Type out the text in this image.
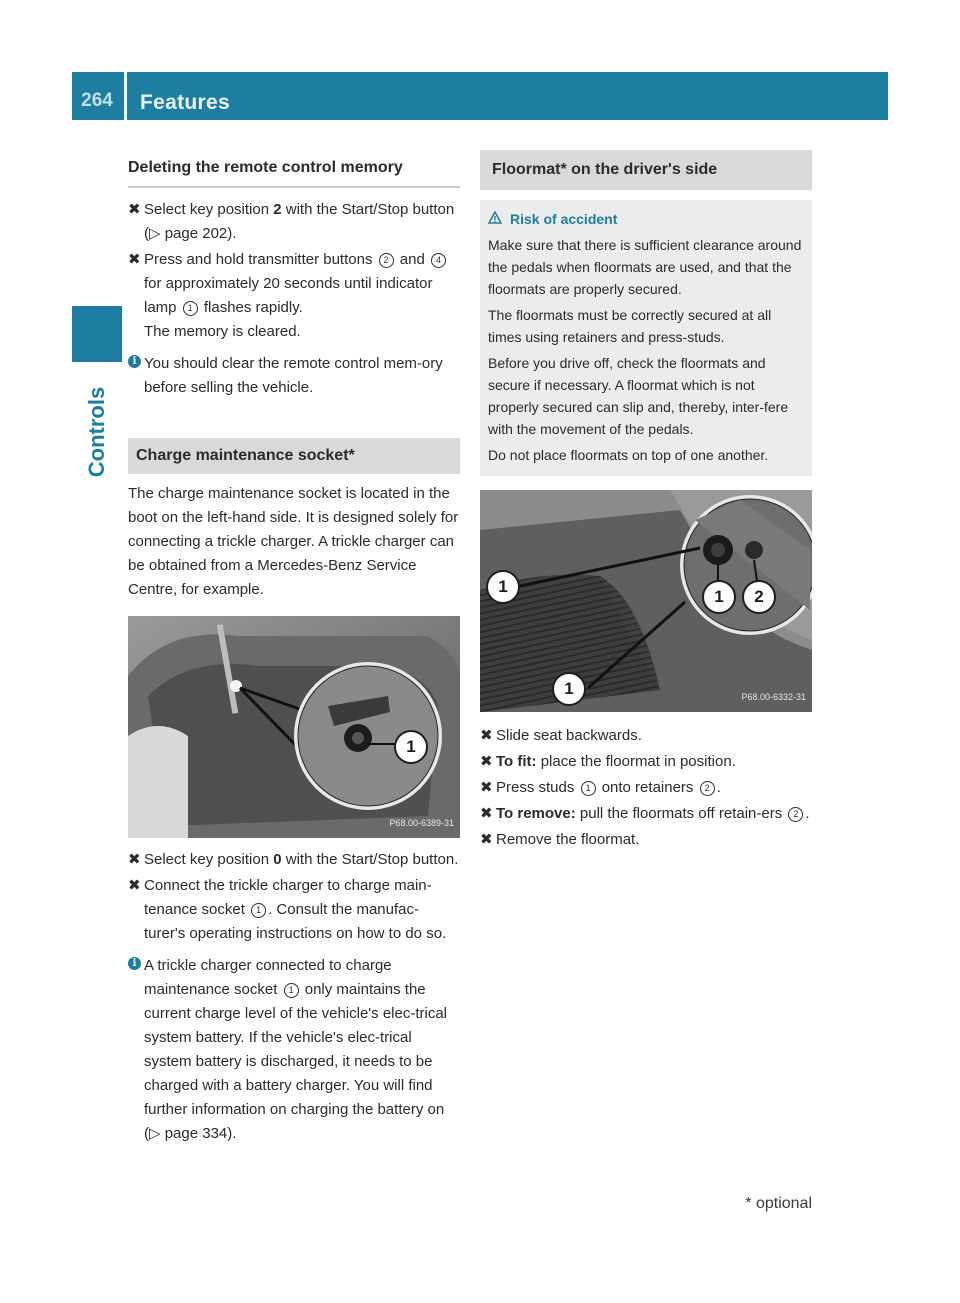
264	Features
Controls
Deleting the remote control memory
✖ Select key position 2 with the Start/Stop button (▷ page 202).
✖ Press and hold transmitter buttons 2 and 4 for approximately 20 seconds until indicator lamp 1 flashes rapidly.
The memory is cleared.
i You should clear the remote control mem-ory before selling the vehicle.
Charge maintenance socket*
The charge maintenance socket is located in the boot on the left-hand side. It is designed solely for connecting a trickle charger. A trickle charger can be obtained from a Mercedes-Benz Service Centre, for example.
1
P68.00-6389-31
✖ Select key position 0 with the Start/Stop button.
✖ Connect the trickle charger to charge main-tenance socket 1 . Consult the manufac-turer's operating instructions on how to do so.
i A trickle charger connected to charge maintenance socket 1 only maintains the current charge level of the vehicle's elec-trical system battery. If the vehicle's elec-trical system battery is discharged, it needs to be charged with a battery charger. You will find further information on charging the battery on (▷ page 334).
Floormat* on the driver's side
Risk of accident

Make sure that there is sufficient clearance around the pedals when floormats are used, and that the floormats are properly secured.

The floormats must be correctly secured at all times using retainers and press-studs.

Before you drive off, check the floormats and secure if necessary. A floormat which is not properly secured can slip and, thereby, inter-fere with the movement of the pedals.

Do not place floormats on top of one another.

1
1	2
1	P68.00-6332-31
✖ Slide seat backwards.
✖ To fit: place the floormat in position.
✖ Press studs 1 onto retainers 2 .
✖ To remove: pull the floormats off retain-ers 2 .
✖ Remove the floormat.
* optional
